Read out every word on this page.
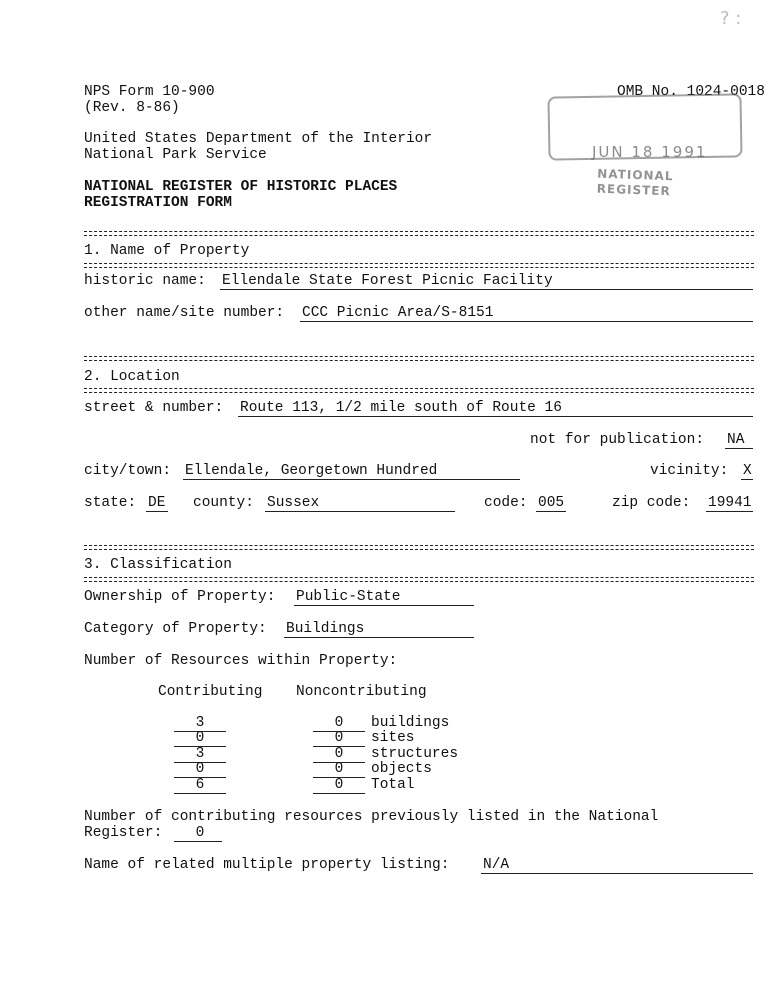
NPS Form 10-900
(Rev. 8-86)
OMB No. 1024-0018
United States Department of the Interior
National Park Service
NATIONAL REGISTER OF HISTORIC PLACES
REGISTRATION FORM
JUN 18 1991
NATIONAL
REGISTER
? :
1. Name of Property
historic name: Ellendale State Forest Picnic Facility
other name/site number: CCC Picnic Area/S-8151
2. Location
street & number: Route 113, 1/2 mile south of Route 16
not for publication: NA
city/town: Ellendale, Georgetown Hundred	vicinity: X
state: DE county: Sussex	code: 005	zip code: 19941
3. Classification
Ownership of Property: Public-State
Category of Property: Buildings
Number of Resources within Property:
Contributing Noncontributing
3	0	buildings
0	0	sites
3	0	structures
0	0	objects
6	0	Total
Number of contributing resources previously listed in the National
Register:	0
Name of related multiple property listing: N/A
